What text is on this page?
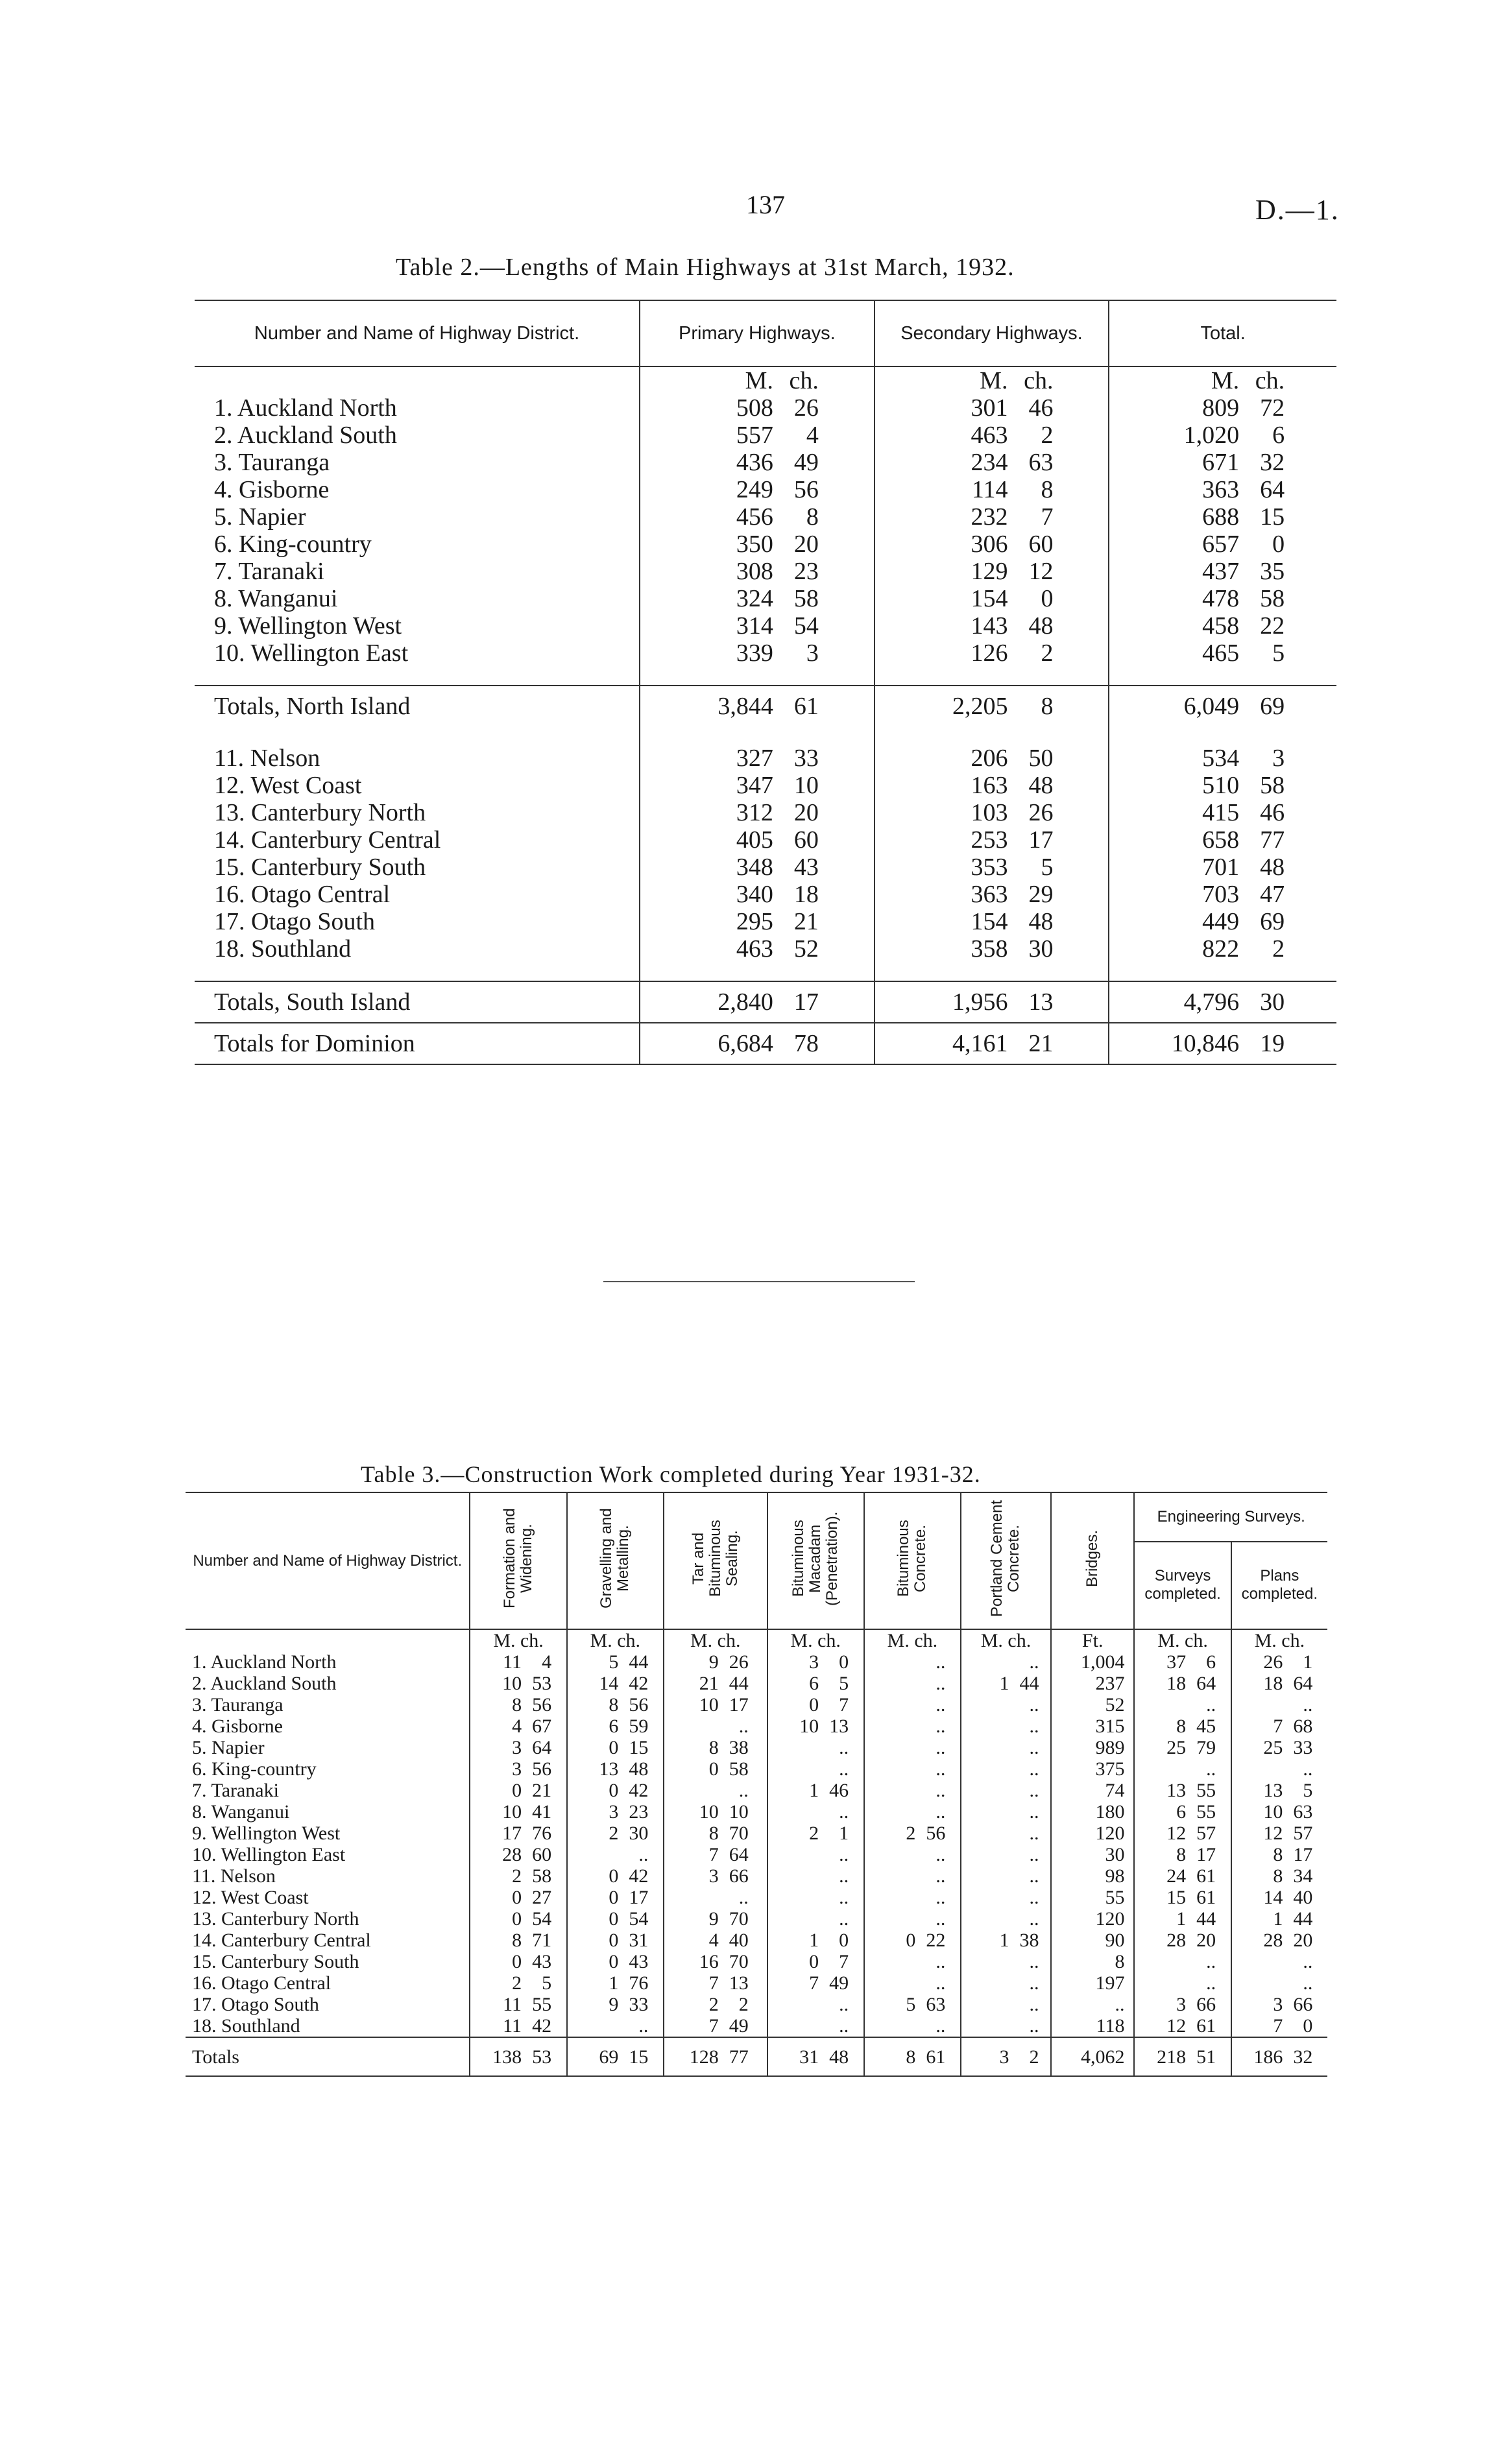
137	D.—1.
Table 2.—Lengths of Main Highways at 31st March, 1932.
Number and Name of Highway District.	Primary Highways.	Secondary Highways.	Total.
	M. ch.	M. ch.	M. ch.
1. Auckland North	508 26	301 46	809 72
2. Auckland South	557 4	463 2	1,020 6
3. Tauranga	436 49	234 63	671 32
4. Gisborne	249 56	114 8	363 64
5. Napier	456 8	232 7	688 15
6. King-country	350 20	306 60	657 0
7. Taranaki	308 23	129 12	437 35
8. Wanganui	324 58	154 0	478 58
9. Wellington West	314 54	143 48	458 22
10. Wellington East	339 3	126 2	465 5

Totals, North Island	3,844 61	2,205 8	6,049 69

11. Nelson	327 33	206 50	534 3
12. West Coast	347 10	163 48	510 58
13. Canterbury North	312 20	103 26	415 46
14. Canterbury Central	405 60	253 17	658 77
15. Canterbury South	348 43	353 5	701 48
16. Otago Central	340 18	363 29	703 47
17. Otago South	295 21	154 48	449 69
18. Southland	463 52	358 30	822 2

Totals, South Island	2,840 17	1,956 13	4,796 30
Totals for Dominion	6,684 78	4,161 21	10,846 19
Table 3.—Construction Work completed during Year 1931-32.
Number and Name of Highway District.	Formation and Widening.	Gravelling and Metalling.	Tar and Bituminous Sealing.	Bituminous Macadam (Penetration).	Bituminous Concrete.	Portland Cement Concrete.	Bridges.	Engineering Surveys.	
								Surveys completed.	Plans completed.
	M. ch.	M. ch.	M. ch.	M. ch.	M. ch.	M. ch.	Ft.	M. ch.	M. ch.
1. Auckland North	11 4	5 44	9 26	3 0	..	..	1,004	37 6	26 1
2. Auckland South	10 53	14 42	21 44	6 5	..	1 44	237	18 64	18 64
3. Tauranga	8 56	8 56	10 17	0 7	..	..	52	..	..
4. Gisborne	4 67	6 59	..	10 13	..	..	315	8 45	7 68
5. Napier	3 64	0 15	8 38	..	..	..	989	25 79	25 33
6. King-country	3 56	13 48	0 58	..	..	..	375	..	..
7. Taranaki	0 21	0 42	..	1 46	..	..	74	13 55	13 5
8. Wanganui	10 41	3 23	10 10	..	..	..	180	6 55	10 63
9. Wellington West	17 76	2 30	8 70	2 1	2 56	..	120	12 57	12 57
10. Wellington East	28 60	..	7 64	..	..	..	30	8 17	8 17
11. Nelson	2 58	0 42	3 66	..	..	..	98	24 61	8 34
12. West Coast	0 27	0 17	..	..	..	..	55	15 61	14 40
13. Canterbury North	0 54	0 54	9 70	..	..	..	120	1 44	1 44
14. Canterbury Central	8 71	0 31	4 40	1 0	0 22	1 38	90	28 20	28 20
15. Canterbury South	0 43	0 43	16 70	0 7	..	..	8	..	..
16. Otago Central	2 5	1 76	7 13	7 49	..	..	197	..	..
17. Otago South	11 55	9 33	2 2	..	5 63	..	..	3 66	3 66
18. Southland	11 42	..	7 49	..	..	..	118	12 61	7 0
Totals	138 53	69 15	128 77	31 48	8 61	3 2	4,062	218 51	186 32
